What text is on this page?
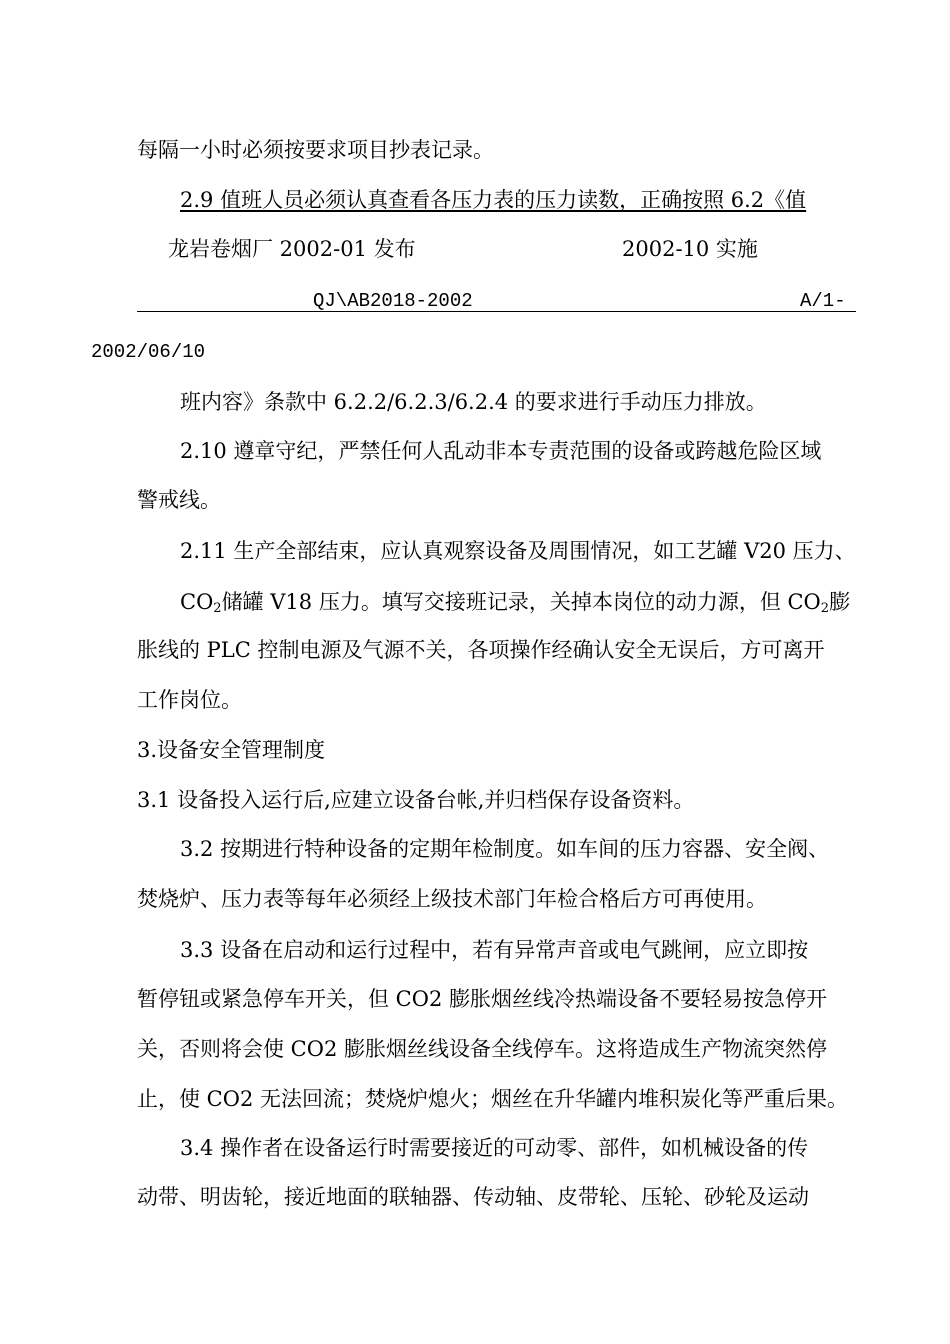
每隔一小时必须按要求项目抄表记录。
2.9 值班人员必须认真查看各压力表的压力读数，正确按照 6.2《值
龙岩卷烟厂 2002-01 发布	2002-10 实施
QJ\AB2018-2002	A/1-
2002/06/10
班内容》条款中 6.2.2/6.2.3/6.2.4 的要求进行手动压力排放。
2.10 遵章守纪，严禁任何人乱动非本专责范围的设备或跨越危险区域
警戒线。
2.11 生产全部结束，应认真观察设备及周围情况，如工艺罐 V20 压力、
$CO_2$储罐 V18 压力。填写交接班记录，关掉本岗位的动力源，但 $CO_2$膨
胀线的 PLC 控制电源及气源不关，各项操作经确认安全无误后，方可离开
工作岗位。
3.设备安全管理制度
3.1 设备投入运行后,应建立设备台帐,并归档保存设备资料。
3.2 按期进行特种设备的定期年检制度。如车间的压力容器、安全阀、
焚烧炉、压力表等每年必须经上级技术部门年检合格后方可再使用。
3.3 设备在启动和运行过程中，若有异常声音或电气跳闸，应立即按
暂停钮或紧急停车开关，但 CO2 膨胀烟丝线冷热端设备不要轻易按急停开
关，否则将会使 CO2 膨胀烟丝线设备全线停车。这将造成生产物流突然停
止，使 CO2 无法回流；焚烧炉熄火；烟丝在升华罐内堆积炭化等严重后果。
3.4 操作者在设备运行时需要接近的可动零、部件，如机械设备的传
动带、明齿轮，接近地面的联轴器、传动轴、皮带轮、压轮、砂轮及运动
